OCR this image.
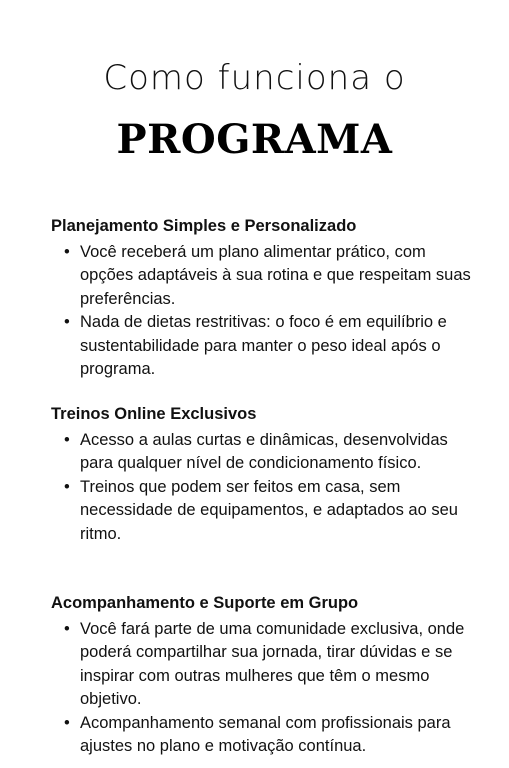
Como funciona o
PROGRAMA
Planejamento Simples e Personalizado
• Você receberá um plano alimentar prático, com opções adaptáveis à sua rotina e que respeitam suas preferências.
• Nada de dietas restritivas: o foco é em equilíbrio e sustentabilidade para manter o peso ideal após o programa.
Treinos Online Exclusivos
• Acesso a aulas curtas e dinâmicas, desenvolvidas para qualquer nível de condicionamento físico.
• Treinos que podem ser feitos em casa, sem necessidade de equipamentos, e adaptados ao seu ritmo.
Acompanhamento e Suporte em Grupo
• Você fará parte de uma comunidade exclusiva, onde poderá compartilhar sua jornada, tirar dúvidas e se inspirar com outras mulheres que têm o mesmo objetivo.
• Acompanhamento semanal com profissionais para ajustes no plano e motivação contínua.
